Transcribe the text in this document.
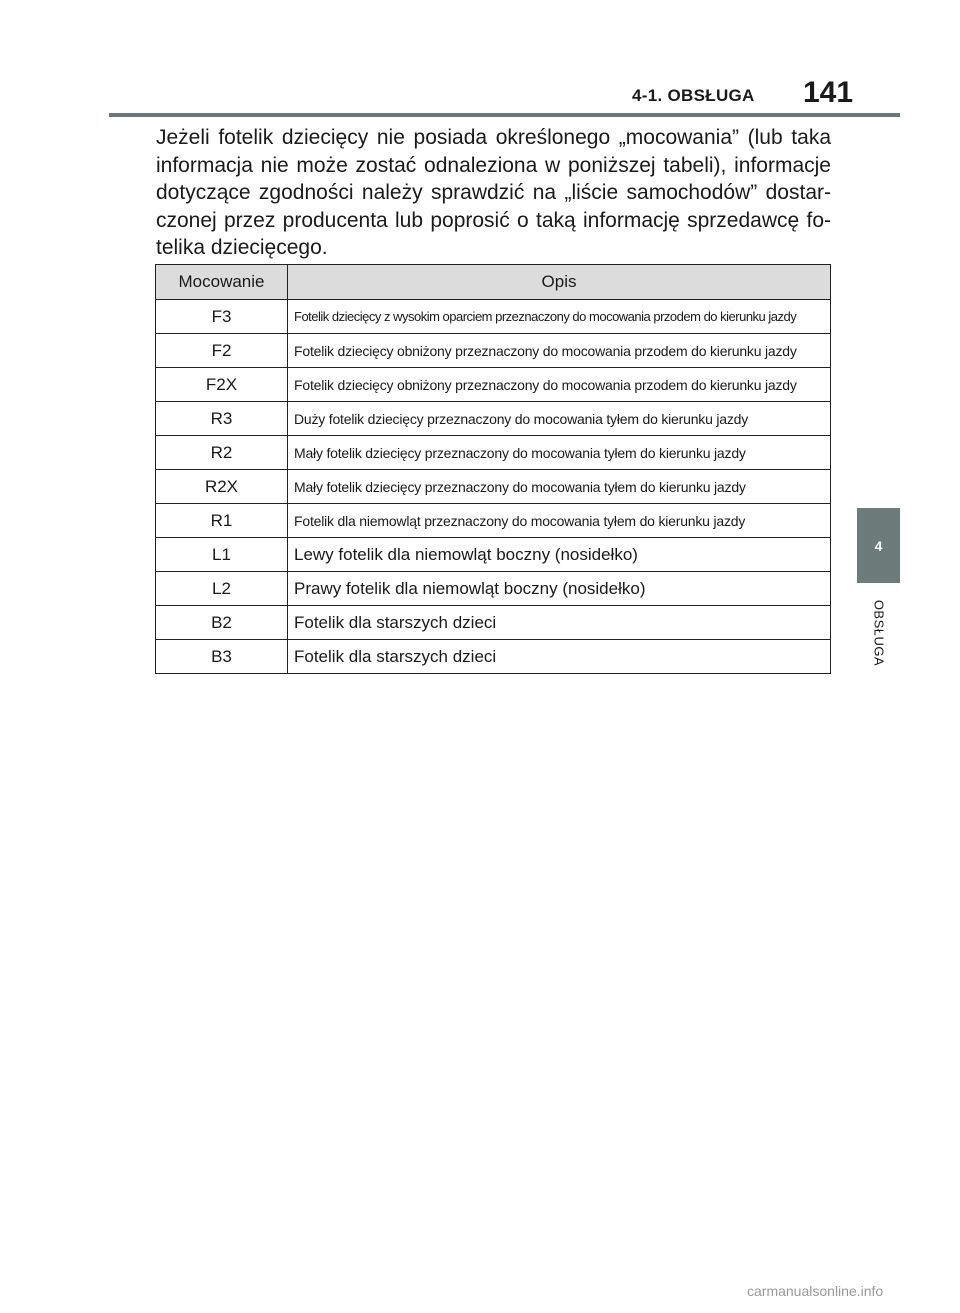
4-1. OBSŁUGA 141

Jeżeli fotelik dziecięcy nie posiada określonego „mocowania” (lub taka informacja nie może zostać odnaleziona w poniższej tabeli), informacje dotyczące zgodności należy sprawdzić na „liście samochodów” dostar-czonej przez producenta lub poprosić o taką informację sprzedawcę fo-telika dziecięcego.

Mocowanie	Opis
F3	Fotelik dziecięcy z wysokim oparciem przeznaczony do mocowania przodem do kierunku jazdy
F2	Fotelik dziecięcy obniżony przeznaczony do mocowania przodem do kierunku jazdy
F2X	Fotelik dziecięcy obniżony przeznaczony do mocowania przodem do kierunku jazdy
R3	Duży fotelik dziecięcy przeznaczony do mocowania tyłem do kierunku jazdy
R2	Mały fotelik dziecięcy przeznaczony do mocowania tyłem do kierunku jazdy
R2X	Mały fotelik dziecięcy przeznaczony do mocowania tyłem do kierunku jazdy
R1	Fotelik dla niemowląt przeznaczony do mocowania tyłem do kierunku jazdy
L1	Lewy fotelik dla niemowląt boczny (nosidełko)
L2	Prawy fotelik dla niemowląt boczny (nosidełko)
B2	Fotelik dla starszych dzieci
B3	Fotelik dla starszych dzieci
4
OBSŁUGA
carmanualsonline.info
